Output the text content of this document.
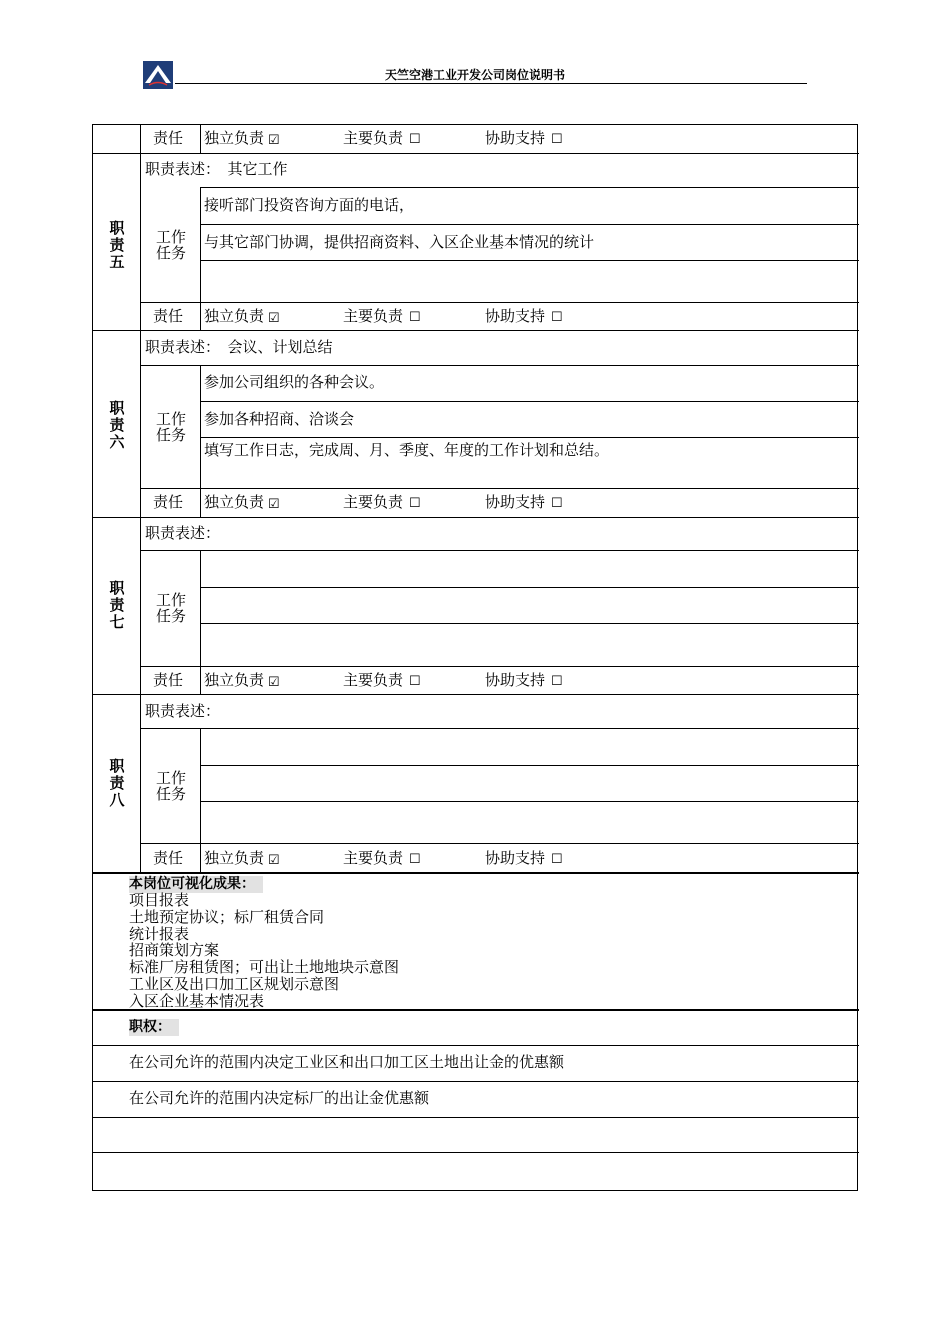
天竺空港工业开发公司岗位说明书
责任 独立负责 ☑	主要负责 ☐	协助支持 ☐
职责五
职责表述：　其它工作
工作任务
接听部门投资咨询方面的电话，
与其它部门协调，提供招商资料、入区企业基本情况的统计
责任 独立负责 ☑	主要负责 ☐	协助支持 ☐
职责六
职责表述：　会议、计划总结
工作任务
参加公司组织的各种会议。
参加各种招商、洽谈会
填写工作日志，完成周、月、季度、年度的工作计划和总结。
责任 独立负责 ☑	主要负责 ☐	协助支持 ☐
职责七
职责表述：
工作任务
责任 独立负责 ☑	主要负责 ☐	协助支持 ☐
职责八
职责表述：
工作任务
责任 独立负责 ☑	主要负责 ☐	协助支持 ☐
本岗位可视化成果：
项目报表
土地预定协议；标厂租赁合同
统计报表
招商策划方案
标准厂房租赁图；可出让土地地块示意图
工业区及出口加工区规划示意图
入区企业基本情况表
职权：
在公司允许的范围内决定工业区和出口加工区土地出让金的优惠额
在公司允许的范围内决定标厂的出让金优惠额
